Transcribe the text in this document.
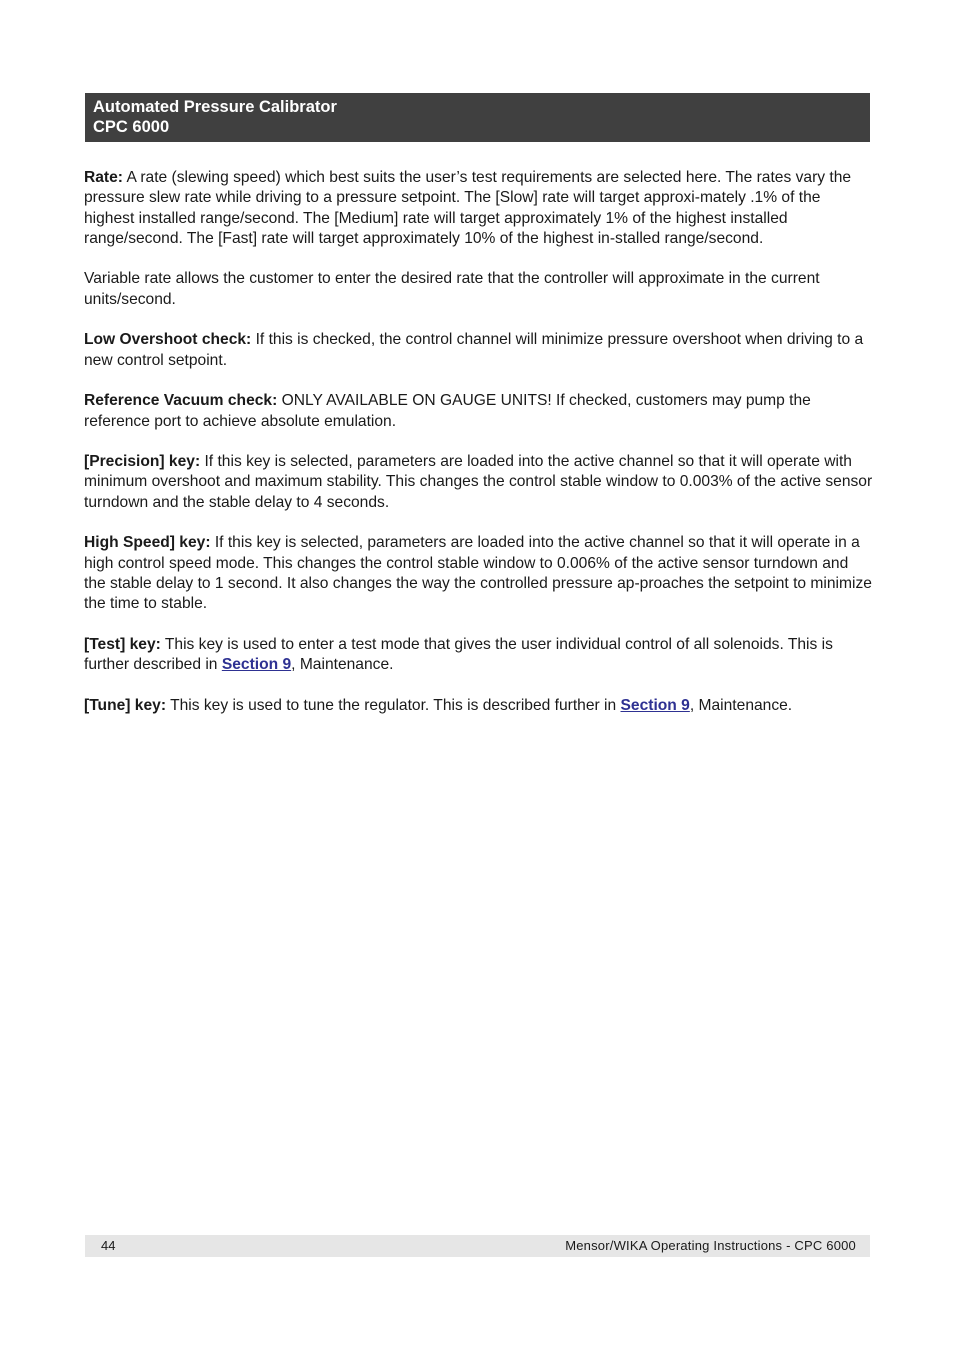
Automated Pressure Calibrator
CPC 6000

Rate: A rate (slewing speed) which best suits the user’s test requirements are selected here. The rates vary the pressure slew rate while driving to a pressure setpoint. The [Slow] rate will target approxi-mately .1% of the highest installed range/second. The [Medium] rate will target approximately 1% of the highest installed range/second. The [Fast] rate will target approximately 10% of the highest in-stalled range/second.

Variable rate allows the customer to enter the desired rate that the controller will approximate in the current units/second.

Low Overshoot check: If this is checked, the control channel will minimize pressure overshoot when driving to a new control setpoint.

Reference Vacuum check: ONLY AVAILABLE ON GAUGE UNITS! If checked, customers may pump the reference port to achieve absolute emulation.

[Precision] key: If this key is selected, parameters are loaded into the active channel so that it will operate with minimum overshoot and maximum stability. This changes the control stable window to 0.003% of the active sensor turndown and the stable delay to 4 seconds.

High Speed] key: If this key is selected, parameters are loaded into the active channel so that it will operate in a high control speed mode. This changes the control stable window to 0.006% of the active sensor turndown and the stable delay to 1 second. It also changes the way the controlled pressure ap-proaches the setpoint to minimize the time to stable.

[Test] key: This key is used to enter a test mode that gives the user individual control of all solenoids. This is further described in Section 9, Maintenance.

[Tune] key: This key is used to tune the regulator. This is described further in Section 9, Maintenance.

44	Mensor/WIKA Operating Instructions - CPC 6000
